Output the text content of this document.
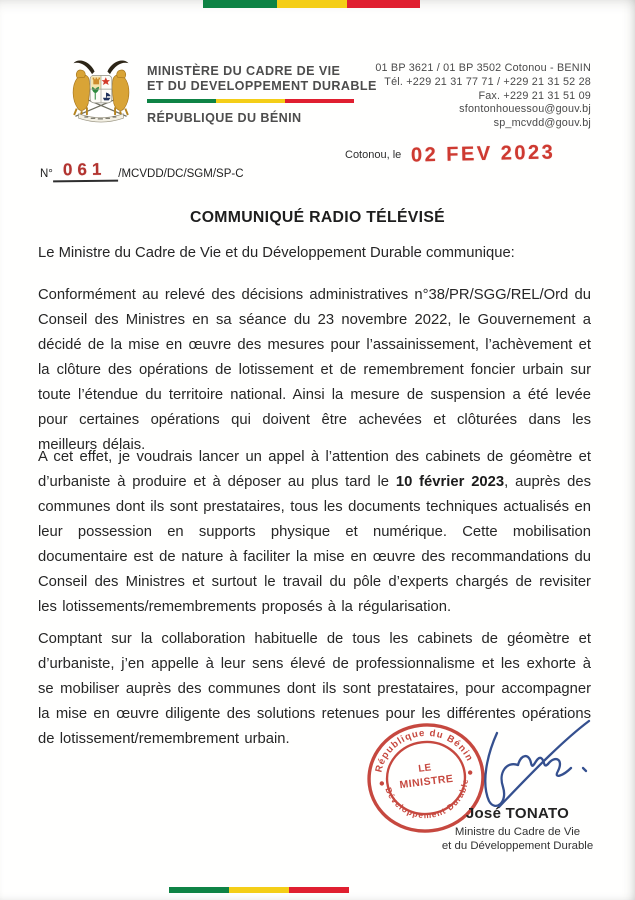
MINISTÈRE DU CADRE DE VIE
ET DU DEVELOPPEMENT DURABLE
RÉPUBLIQUE DU BÉNIN
01 BP 3621 / 01 BP 3502 Cotonou - BENIN
Tél. +229 21 31 77 71 / +229 21 31 52 28
Fax. +229 21 31 51 09
sfontonhouessou@gouv.bj
sp_mcvdd@gouv.bj
Cotonou, le 02 FEV 2023
N° 061	/MCVDD/DC/SGM/SP-C
COMMUNIQUÉ RADIO TÉLÉVISÉ

Le Ministre du Cadre de Vie et du Développement Durable communique:

Conformément au relevé des décisions administratives n°38/PR/SGG/REL/Ord du Conseil des Ministres en sa séance du 23 novembre 2022, le Gouvernement a décidé de la mise en œuvre des mesures pour l’assainissement, l’achèvement et la clôture des opérations de lotissement et de remembrement foncier urbain sur toute l’étendue du territoire national. Ainsi la mesure de suspension a été levée pour certaines opérations qui doivent être achevées et clôturées dans les meilleurs délais.

A cet effet, je voudrais lancer un appel à l’attention des cabinets de géomètre et d’urbaniste à produire et à déposer au plus tard le 10 février 2023, auprès des communes dont ils sont prestataires, tous les documents techniques actualisés en leur possession en supports physique et numérique. Cette mobilisation documentaire est de nature à faciliter la mise en œuvre des recommandations du Conseil des Ministres et surtout le travail du pôle d’experts chargés de revisiter les lotissements/remembrements proposés à la régularisation.

Comptant sur la collaboration habituelle de tous les cabinets de géomètre et d’urbaniste, j’en appelle à leur sens élevé de professionnalisme et les exhorte à se mobiliser auprès des communes dont ils sont prestataires, pour accompagner la mise en œuvre diligente des solutions retenues pour les différentes opérations de lotissement/remembrement urbain.

République du Bénin
Développement Durable
LE
MINISTRE
José TONATO
Ministre du Cadre de Vie
et du Développement Durable
